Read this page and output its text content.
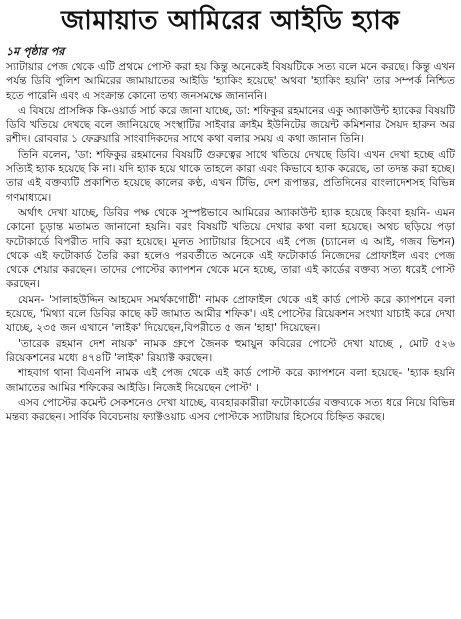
জামায়াত আমিরের আইডি হ্যাক
১ম পৃষ্ঠার পর

স্যাটায়ার পেজ থেকে এটি প্রথমে পোস্ট করা হয় কিন্তু অনেকেই বিষয়টিকে সত্য বলে মনে করছে। কিন্তু এখন পর্যন্ত ডিবি পুলিশ আমিরের জামায়াতের আইডি 'হ্যাকিং হয়েছে' অথবা 'হ্যাকিং হয়নি' তার সম্পর্ক নিশ্চিত হতে পারেনি এবং এ সংক্রান্ত কোনো তথ্য জনসমক্ষে জানাননি।

এ বিষয়ে প্রাসঙ্গিক কি-ওয়ার্ড সার্চ করে জানা যাচ্ছে, ডা: শফিকুর রহমানের একু অ্যাকাউন্ট হ্যাকের বিষয়টি ডিবি খতিয়ে দেখছে বলে জানিয়েছে সংস্থাটির সাইবার ক্রাইম ইউনিটের জয়েন্ট কমিশনার সৈয়দ হারুন অর রশীদ। রোববার ১ ফেব্রুয়ারি সাংবাদিকদের সাথে কথা বলার সময় এ কথা জানান তিনি।

তিনি বলেন, 'ডা: শফিকুর রহমানের বিষয়টি গুরুত্বের সাথে খতিয়ে দেখছে ডিবি। এখন দেখা হচ্ছে এটি সত্যিই হ্যাক হয়েছে কি না। যদি হ্যাক হয়ে থাকে তাহলে কারা এবং কিভাবে হ্যাক করেছে, তা তদন্ত করা হচ্ছে। তার এই বক্তব্যটি প্রকাশিত হয়েছে কালের কণ্ঠ, এখন টিভি, দেশ রূপান্তর, প্রতিদিনের বাংলাদেশসহ বিভিন্ন গণমাধ্যমে।

অর্থাৎ দেখা যাচ্ছে, ডিবির পক্ষ থেকে সুস্পষ্টভাবে আমিরের অ্যাকাউন্ট হ্যাক হয়েছে কিংবা হয়নি- এমন কোনো চূড়ান্ত মতামত জানানো হয়নি। বরং বিষয়টি খতিয়ে দেখার কথা বলা হয়েছে। অথচ ছড়িয়ে পড়া ফটোকার্ডে বিপরীত দাবি করা হয়েছে। মূলত স্যাটায়ার হিসেবে এই পেজ (চ্যানেল এ আই, গজব ভিশন) থেকে এই ফটোকার্ড তৈরি করা হলেও পরবর্তীতে অনেকে এই ফটোকার্ড নিজেদের প্রোফাইল এবং পেজ থেকে শেয়ার করছেন। তাদের পোস্টের ক্যাপশন থেকে মনে হচ্ছে, তারা এই কার্ডের বক্তব্য সত্য ধরেই পোস্ট করছেন।

যেমন- 'সালাহউদ্দিন আহমেদ সমর্থকগোষ্ঠী' নামক প্রোফাইল থেকে এই কার্ড পোস্ট করে ক্যাপশনে বলা হয়েছে, 'মিথ্যা বলে ডিবির কাছে কট জামাত আমীর শফিক'। এই পোস্টের রিয়েকশন সংখ্যা যাচাই করে দেখা যাচ্ছে, ২৩৫ জন এখানে 'লাইক' দিয়েছেন,বিপরীতে ৫ জন 'হাহা' দিয়েছেন।

'তারেক রহমান দেশ নায়ক' নামক গ্রুপে জৈনক হুমায়ুন কবিরের পোস্টে দেখা যাচ্ছে , মোট ৫২৬ রিয়েকশনের মধ্যে ৪৭৪টি 'লাইক' রিয়্যাক্ট করছেন।

শাহবাগ থানা বিএনপি নামক এই পেজ থেকে এই কার্ড পোস্ট করে ক্যাপশনে বলা হয়েছে- 'হ্যাক হয়নি জামাতের আমির শফিকের আইডি। নিজেই দিয়েছেন পোস্ট' ।

এসব পোস্টের কমেন্ট সেকশনেও দেখা যাচ্ছে, ব্যবহারকারীরা ফটোকার্ডের বক্তব্যকে সত্য ধরে নিয়ে বিভিন্ন মন্তব্য করছেন। সার্বিক বিবেচনায় ফ্যাক্টওয়াচ এসব পোস্টকে স্যাটায়ার হিসেবে চিহ্নিত করছে।
